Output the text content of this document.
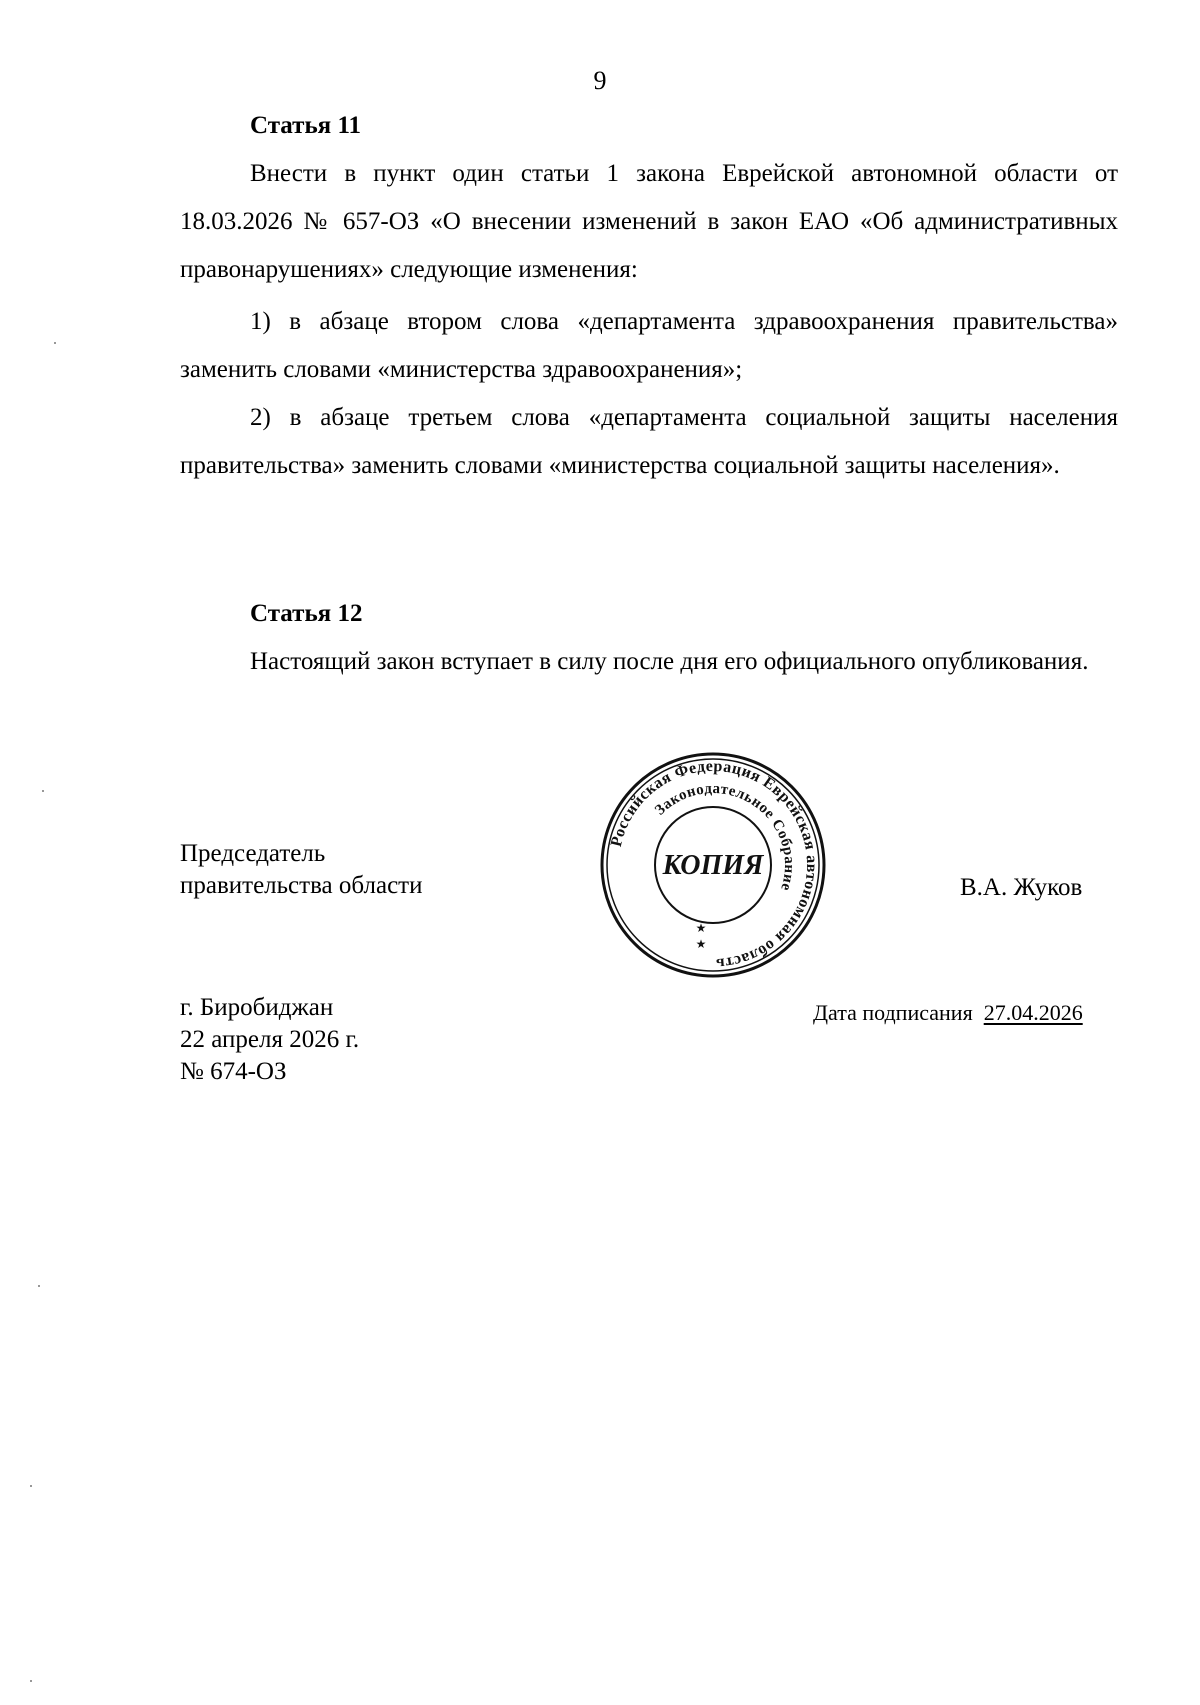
9
Статья 11
Внести в пункт один статьи 1 закона Еврейской автономной области от 18.03.2026 № 657-ОЗ «О внесении изменений в закон ЕАО «Об административных правонарушениях» следующие изменения:
1) в абзаце втором слова «департамента здравоохранения правительства» заменить словами «министерства здравоохранения»;
2) в абзаце третьем слова «департамента социальной защиты населения правительства» заменить словами «министерства социальной защиты населения».
Статья 12
Настоящий закон вступает в силу после дня его официального опубликования.
Председатель
правительства области	В.А. Жуков
Российская Федерация Еврейская автономная область
Законодательное Собрание
КОПИЯ
★
★
г. Биробиджан
22 апреля 2026 г.
№ 674-ОЗ
Дата подписания 27.04.2026
